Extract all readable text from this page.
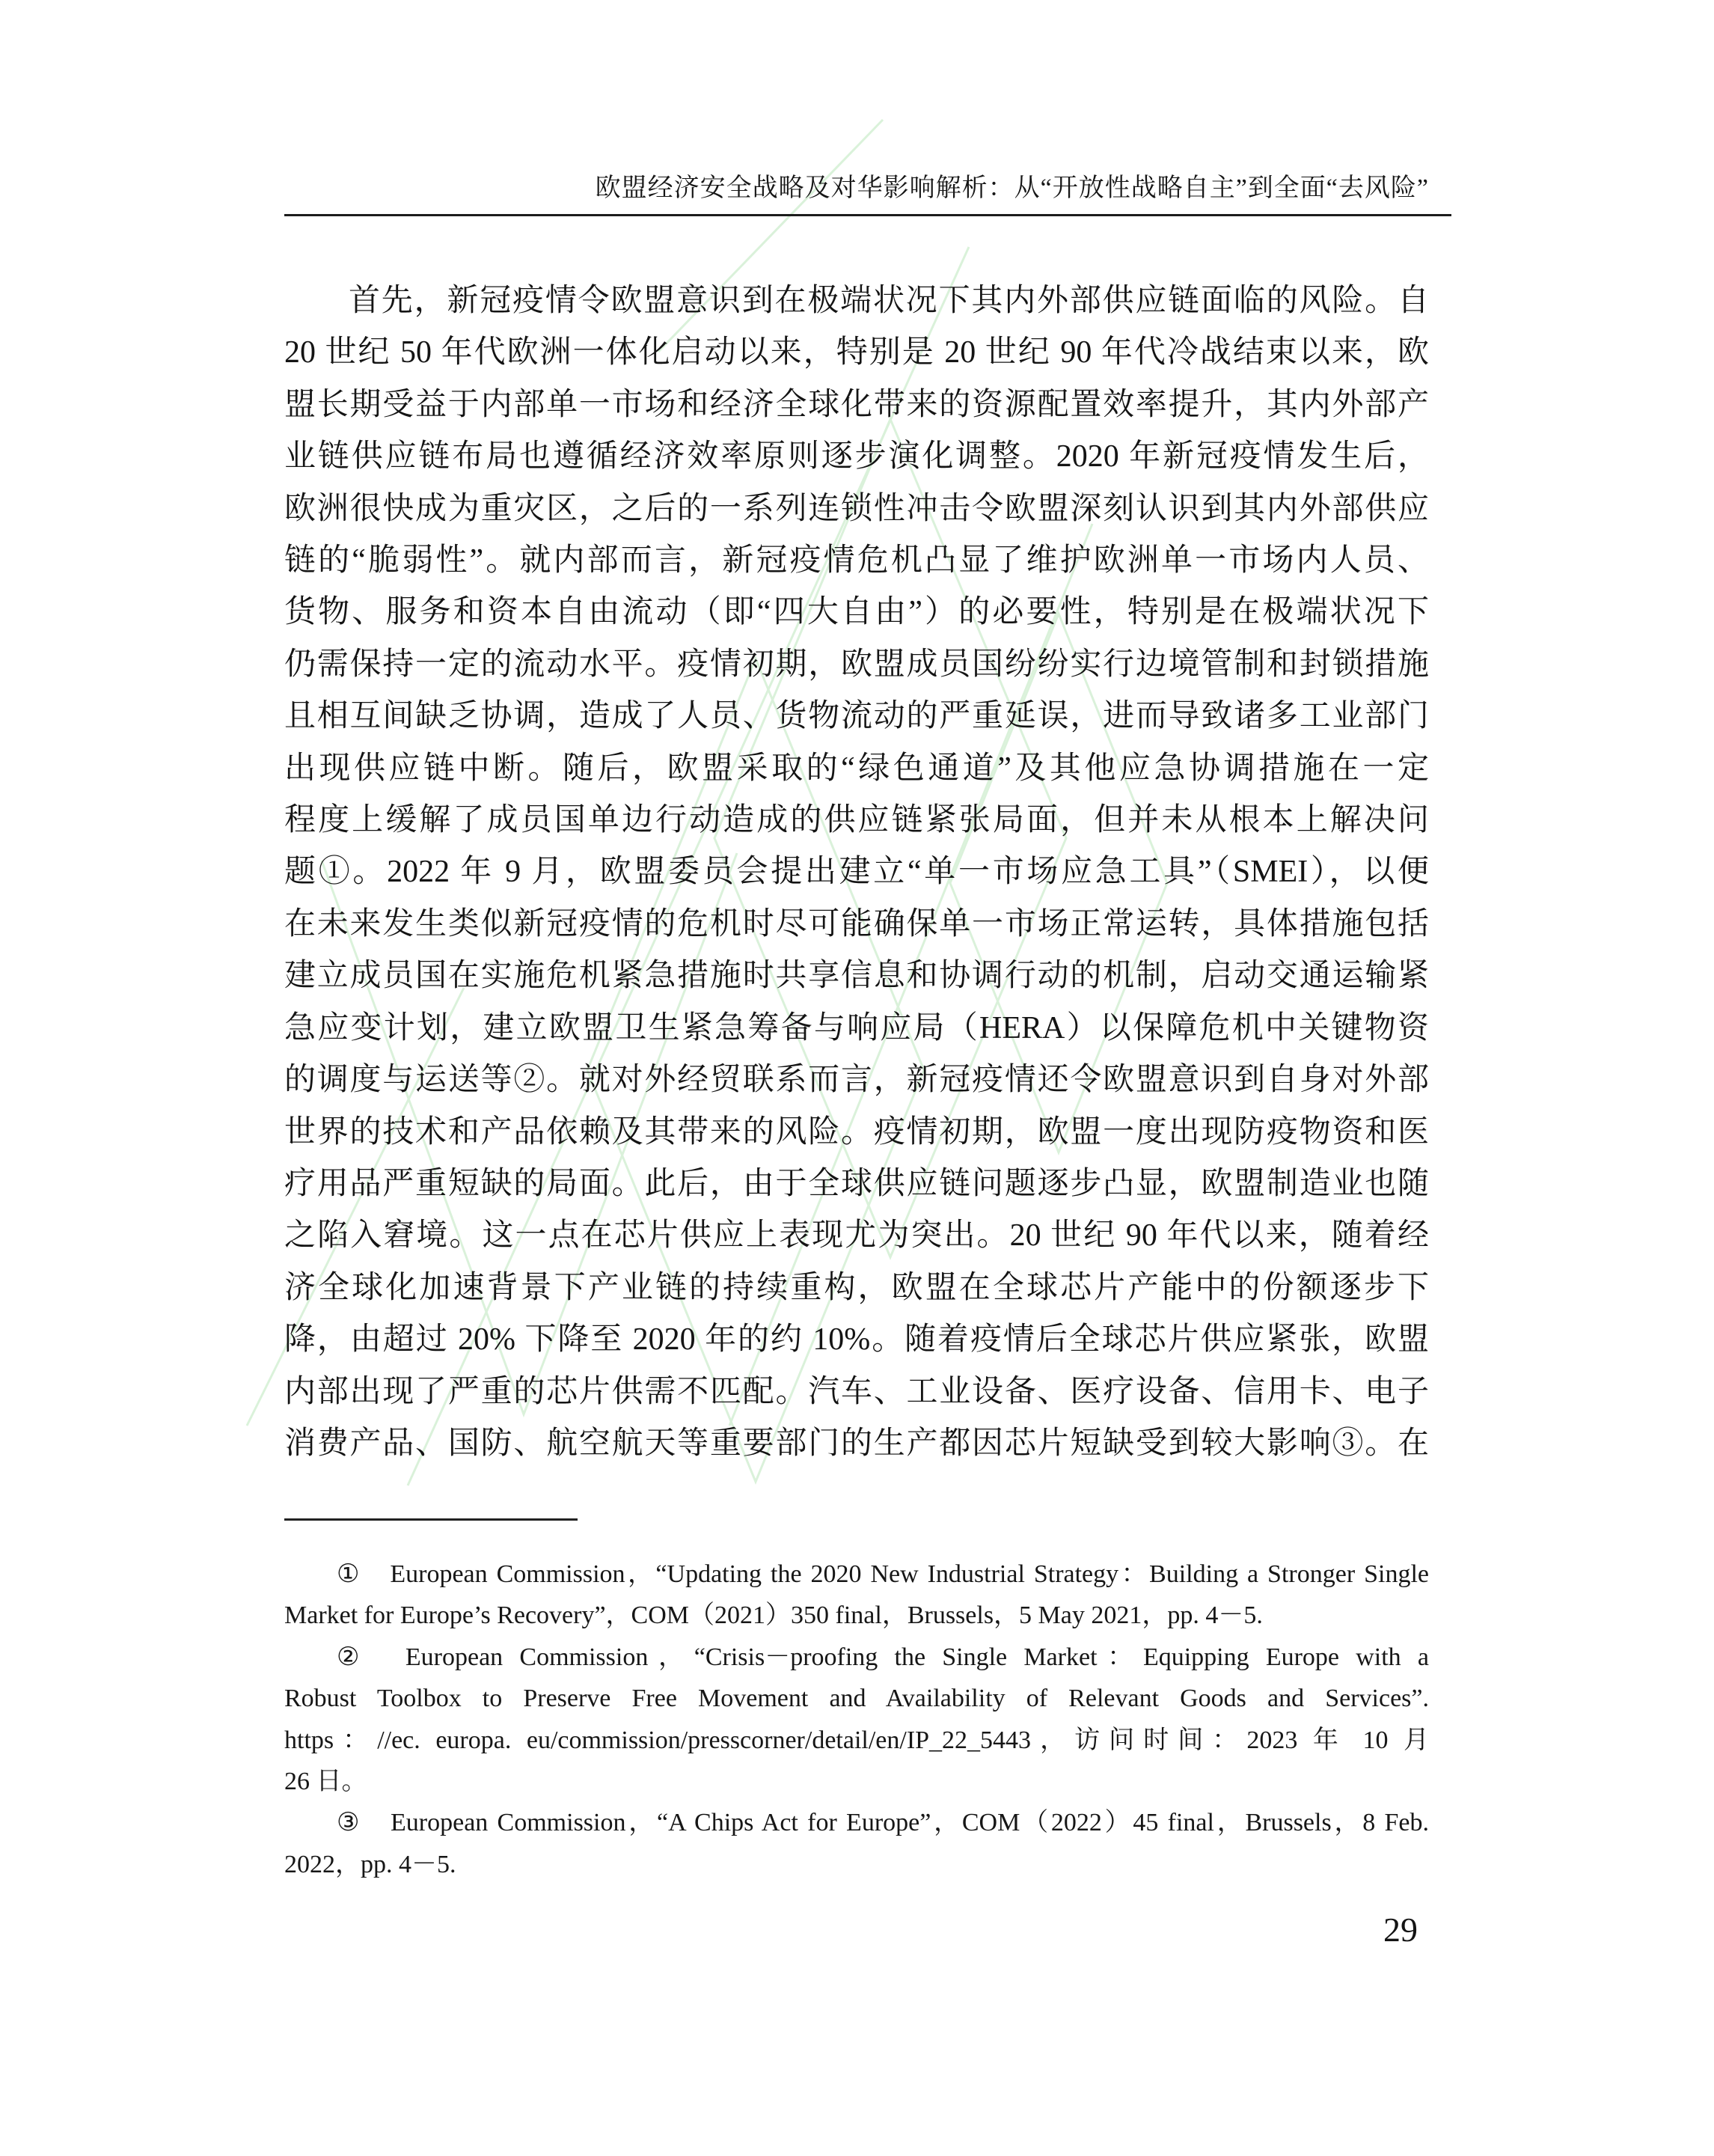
欧盟经济安全战略及对华影响解析：从“开放性战略自主”到全面“去风险”
首先，新冠疫情令欧盟意识到在极端状况下其内外部供应链面临的风险。自
20 世纪 50 年代欧洲一体化启动以来，特别是 20 世纪 90 年代冷战结束以来，欧
盟长期受益于内部单一市场和经济全球化带来的资源配置效率提升，其内外部产
业链供应链布局也遵循经济效率原则逐步演化调整。2020 年新冠疫情发生后，
欧洲很快成为重灾区，之后的一系列连锁性冲击令欧盟深刻认识到其内外部供应
链的“脆弱性”。就内部而言，新冠疫情危机凸显了维护欧洲单一市场内人员、
货物、服务和资本自由流动（即“四大自由”）的必要性，特别是在极端状况下
仍需保持一定的流动水平。疫情初期，欧盟成员国纷纷实行边境管制和封锁措施
且相互间缺乏协调，造成了人员、货物流动的严重延误，进而导致诸多工业部门
出现供应链中断。随后，欧盟采取的“绿色通道”及其他应急协调措施在一定
程度上缓解了成员国单边行动造成的供应链紧张局面，但并未从根本上解决问
题①。2022 年 9 月，欧盟委员会提出建立“单一市场应急工具”（SMEI），以便
在未来发生类似新冠疫情的危机时尽可能确保单一市场正常运转，具体措施包括
建立成员国在实施危机紧急措施时共享信息和协调行动的机制，启动交通运输紧
急应变计划，建立欧盟卫生紧急筹备与响应局（HERA）以保障危机中关键物资
的调度与运送等②。就对外经贸联系而言，新冠疫情还令欧盟意识到自身对外部
世界的技术和产品依赖及其带来的风险。疫情初期，欧盟一度出现防疫物资和医
疗用品严重短缺的局面。此后，由于全球供应链问题逐步凸显，欧盟制造业也随
之陷入窘境。这一点在芯片供应上表现尤为突出。20 世纪 90 年代以来，随着经
济全球化加速背景下产业链的持续重构，欧盟在全球芯片产能中的份额逐步下
降，由超过 20% 下降至 2020 年的约 10%。随着疫情后全球芯片供应紧张，欧盟
内部出现了严重的芯片供需不匹配。汽车、工业设备、医疗设备、信用卡、电子
消费产品、国防、航空航天等重要部门的生产都因芯片短缺受到较大影响③。在
①　European Commission，“Updating the 2020 New Industrial Strategy：Building a Stronger Single
Market for Europe’s Recovery”，COM（2021）350 final，Brussels，5 May 2021，pp. 4－5.
②　European Commission，“Crisis－proofing the Single Market：Equipping Europe with a
Robust Toolbox to Preserve Free Movement and Availability of Relevant Goods and Services”.
https：//ec. europa. eu/commission/presscorner/detail/en/IP_22_5443，访问时间：2023 年 10 月
26 日。
③　European Commission，“A Chips Act for Europe”，COM（2022）45 final，Brussels，8 Feb.
2022，pp. 4－5.
29
